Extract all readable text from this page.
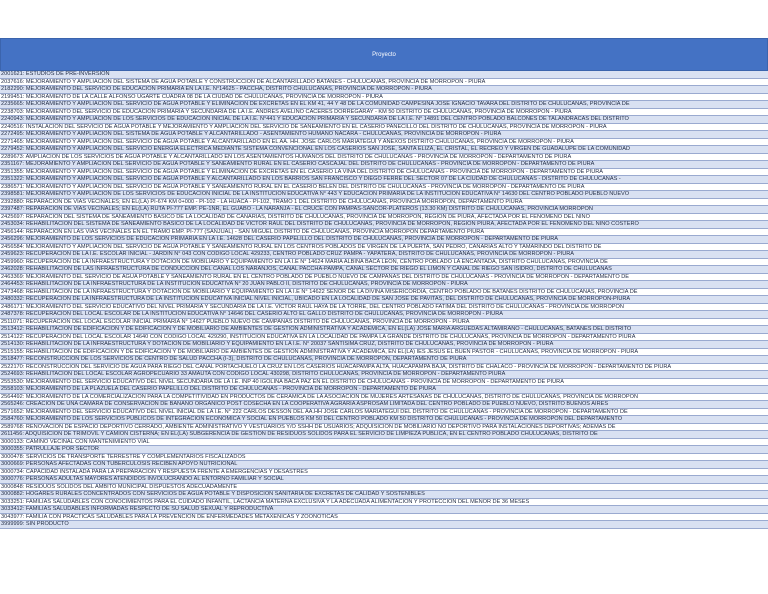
Proyecto
2001621: ESTUDIOS DE PRE-INVERSION
2037616: MEJORAMIENTO Y AMPLIACION DEL SISTEMA DE AGUA POTABLE Y CONSTRUCCION DE ALCANTARILLADO BATANES - CHULUCANAS, PROVINCIA DE MORROPON - PIURA
2182290: MEJORAMIENTO DEL SERVICIO DE EDUCACION PRIMARIA EN LA I.E. N°14625 - PACCHA, DISTRITO CHULUCANAS, PROVINCIA DE MORROPON - PIURA
2199451: MEJORAMIENTO DE LA CALLE ALFONSO UGARTE CUADRA 08 DE LA CIUDAD DE CHULUCANAS, PROVINCIA DE MORROPON - PIURA
2235665: MEJORAMIENTO Y AMPLIACION DEL SERVICIO DE AGUA POTABLE Y ELIMINACION DE EXCRETAS EN EL KM 41, 44 Y 48 DE LA COMUNIDAD CAMPESINA JOSE IGNACIO TAVARA DEL DISTRITO DE CHULUCANAS, PROVINCIA DE
2238703: MEJORAMIENTO DEL SERVICIO DE EDUCACION PRIMARIA Y SECUNDARIA DE LA I.E. ANDRES AVELINO CACERES DORREGARAY - KM 50 DISTRITO DE CHULUCANAS, PROVINCIA DE MORROPON - PIURA
2240943: MEJORAMIENTO Y AMPLIACION DE LOS SERVICIOS DE EDUCACION INICIAL DE LA I.E. N°441 Y EDUCACION PRIMARIA Y SECUNDARIA DE LA I.E. N° 14891 DEL CENTRO POBLADO BALCONES DE TALANDRACAS DEL DISTRITO
2240516: INSTALACION DEL SERVICIO DE AGUA POTABLE Y MEJORAMIENTO Y AMPLIACION DEL SERVICIO DE SANEAMIENTO EN EL CASERIO PANECILLO DEL DISTRITO DE CHULUCANAS, PROVINCIA DE MORROPON - PIURA
2272495: MEJORAMIENTO Y AMPLIACION DEL SISTEMA DE AGUA POTABLE Y ALCANTARILLADO - ASENTAMIENTO HUMANO NACARA - CHULUCANAS, PROVINCIA DE MORROPON - PIURA
2271465: MEJORAMIENTO Y AMPLIACION DEL SERVICIO DE AGUA POTABLE Y ALCANTARILLADO EN EL AA. HH. JOSE CARLOS MARIATEGUI Y ANEXOS DISTRITO CHULUCANAS, PROVINCIA DE MORROPON - PIURA
2279452: MEJORAMIENTO Y AMPLIACION DEL SERVICIO ENERGIA ELECTRICA MEDIANTE SISTEMA CONVENCIONAL EN LOS CASERIOS SAN JOSE, SANTA ELIZA, EL CRISTAL, EL RECREO Y VIRGEN DE GUADALUPE DE LA COMUNIDAD
2289673: AMPLIACION DE LOS SERVICIOS DE AGUA POTABLE Y ALCANTARILLADO EN LOS ASENTAMIENTOS HUMANOS DEL DISTRITO DE CHULUCANAS - PROVINCIA DE MORROPON - DEPARTAMENTO DE PIURA
2351167: MEJORAMIENTO Y AMPLIACION DEL SERVICIO DE AGUA POTABLE Y SANEAMIENTO RURAL EN EL CASERIO CASCAJAL DEL DISTRITO DE CHULUCANAS - PROVINCIA DE MORROPON - DEPARTAMENTO DE PIURA
2351355: MEJORAMIENTO Y AMPLIACION DEL SERVICIO DE AGUA POTABLE Y ELIMINACION DE EXCRETAS EN EL CASERIO LA VIÑA DEL DISTRITO DE CHULUCANAS - PROVINCIA DE MORROPON - DEPARTAMENTO DE PIURA
2351322: MEJORAMIENTO Y AMPLIACION DEL SERVICIO DE AGUA POTABLE Y ALCANTARILLADO EN LOS BARRIOS SAN FRANCISCO Y DIEGO FERRE DEL SECTOR 07 DE LA CIUDAD DE CHULUCANAS - DISTRITO DE CHULUCANAS -
2386571: MEJORAMIENTO Y AMPLIACION DEL SERVICIO DE AGUA POTABLE Y SANEAMIENTO RURAL EN EL CASERIO BELEN DEL DISTRITO DE CHULUCANAS - PROVINCIA DE MORROPON - DEPARTAMENTO DE PIURA
2398581: MEJORAMIENTO Y AMPLIACION DE LOS SERVICIOS DE EDUCACION INICIAL DE LA INSTITUCION EDUCATIVA N° 443 Y EDUCACION PRIMARIA DE LA INSTITUCION EDUCATIVA N° 14630 DEL CENTRO POBLADO PUEBLO NUEVO
2392880: REPARACION DE VIAS VECINALES; EN EL(LA) PI-674 KM 0+000 - PI-102 - LA HUACA - PI-102, TRAMO 1 DEL DISTRITO DE CHULUCANAS, PROVINCIA MORROPON, DEPARTAMENTO PIURA
2397487: REPARACION DE VIAS VECINALES; EN EL(LA) RUTA PI-777 EMP. PE-1NR, EL GUABO - LA NARANJA - EL CRUCE CON PAMPAS-SANCOR-PLATEROS (13.30 KM) DISTRITO DE CHULUCANAS, PROVINCIA MORROPON
2425697: REPARACION DEL SISTEMA DE SANEAMIENTO BASICO DE LA LOCALIDAD DE CAÑARIAS, DISTRITO DE CHULUCANAS, PROVINCIA DE MORROPON, REGION DE PIURA, AFECTADA POR EL FENOMENO DEL NIÑO
2453034: REHABILITACION DEL SISTEMA DE SANEAMIENTO BASICO DE LA LOCALIDAD DE VICTOR RAUL DEL DISTRITO DE CHULUCANAS, PROVINCIA DE MORROPON, REGION PIURA, AFECTADA POR EL FENOMENO DEL NIÑO COSTERO
2456144: REPARACION EN LAS VIAS VECINALES EN EL TRAMO EMP. PI-777 (SANJUAL) - SAN MIGUEL DISTRITO DE CHULUCANAS, PROVINCIA MORROPON DEPARTAMENTO PIURA
2456296: MEJORAMIENTO DE LOS SERVICIOS DE EDUCACION PRIMARIA EN LA I.E. 14628 DEL CASERIO PAPELILLO DEL DISTRITO DE CHULUCANAS, PROVINCIA DE MORROPON - DEPARTAMENTO DE PIURA
2456584: MEJORAMIENTO Y AMPLIACION DEL SERVICIO DE AGUA POTABLE Y SANEAMIENTO RURAL EN LOS CENTROS POBLADOS DE VIRGEN DE LA PUERTA, SAN PEDRO, CAÑARIAS ALTO Y TAMARINDO DEL DISTRITO DE
2459623: RECUPERACION DE LA I.E. ESCOLAR INICIAL - JARDIN N° 043 CON CODIGO LOCAL 429233, CENTRO POBLADO CRUZ PAMPA - YAPATERA, DISTRITO DE CHULUCANAS, PROVINCIA DE MORROPON - PIURA
2459960: RECUPERACION DE LA INFRAESTRUCTURA Y DOTACION DE MOBILIARIO Y EQUIPAMIENTO EN LA I.E N° 14624 MARIA ALBINA BACA LEON, CENTRO POBLADO LA ENCANTADA, DISTRITO CHULUCANAS, PROVINCIA DE
2462028: REHABILITACION DE LAS INFRAESTRUCTURA DE CONDUCCION DEL CANAL LOS NARANJOS, CANAL PACCHA-PAMPA, CANAL SECTOR DE RIEGO EL LIMON Y CANAL DE RIEGO SAN ISIDRO, DISTRITO DE CHULUCANAS
2463369: MEJORAMIENTO DEL SERVICIO DE AGUA POTABLE Y SANEAMIENTO RURAL EN EL CENTRO POBLADO DE PUEBLO NUEVO DE CAMPANAS DEL DISTRITO DE CHULUCANAS - PROVINCIA DE MORROPON - DEPARTAMENTO DE
2464453: REHABILITACION DE LA INFRAESTRUCTURA DE LA INSTITUCION EDUCATIVA N° 20 JUAN PABLO II, DISTRITO DE CHULUCANAS, PROVINCIA DE MORROPON - PIURA
2473468: REHABILITACION DE LA INFRAESTRUCTURA Y DOTACION DE MOBILIARIO Y EQUIPAMIENTO EN LA I.E N° 14622 SEÑOR DE LA DIVINA MISERICORDIA, CENTRO POBLADO DE BATANES DISTRITO DE CHULUCANAS, PROVINCIA DE
2480332: RECUPERACION DE LA INFRAESTRUCTURA DE LA INSTITUCION EDUCATIVA INICIAL NIVEL INICIAL, UBICADO EN LA LOCALIDAD DE SAN JOSE DE PAVITAS, DEL DISTRITO DE CHULUCANAS, PROVINCIA DE MORROPON-PIURA
2486171: MEJORAMIENTO DEL SERVICIO EDUCATIVO DEL NIVEL PRIMARIA Y SECUNDARIA DE LA I.E. VICTOR RAUL HAYA DE LA TORRE, DEL CENTRO POBLADO FATIMA DEL DISTRITO DE CHULUCANAS - PROVINCIA DE MORROPON
2487378: RECUPERACION DEL LOCAL ESCOLAR DE LA INSTITUCION EDUCATIVA N° 14646 DEL CASERIO ALTO EL GALLO DISTRITO DE CHULUCANAS, PROVINCIA DE MORROPON - PIURA
2511071: RECUPERACION DEL LOCAL ESCOLAR INICIAL PRIMARIA N° 14627 PUEBLO NUEVO DE CAMPANAS DISTRITO DE CHULUCANAS, PROVINCIA DE MORROPON - PIURA
2513412: REHABILITACION DE EDIFICACION Y DE EDIFICACION Y DE MOBILIARIO DE AMBIENTES DE GESTION ADMINISTRATIVA Y ACADEMICA, EN EL(LA) JOSE MARIA ARGUEDAS ALTAMIRANO - CHULUCANAS, BATANES DEL DISTRITO
2514122: RECUPERACION DEL LOCAL ESCOLAR 14640 CON CODIGO LOCAL 429290, INSTITUCION EDUCATIVA EN LA LOCALIDAD DE PAMPA LA GRANDE DISTRITO DE CHULUCANAS, PROVINCIA DE MORROPON - DEPARTAMENTO PIURA
2514130: REHABILITACION DE LA INFRAESTRUCTURA Y DOTACION DE MOBILIARIO Y EQUIPAMIENTO EN LA I.E. N° 20037 SANTISIMA CRUZ, DISTRITO DE CHULUCANAS, PROVINCIA DE MORROPON - PIURA
2515155: REHABILITACION DE EDIFICACION Y DE EDIFICACION Y DE MOBILIARIO DE AMBIENTES DE GESTION ADMINISTRATIVA Y ACADEMICA, EN EL(LA) IES JESUS EL BUEN PASTOR - CHULUCANAS, PROVINCIA DE MORROPON - PIURA
2518477: RECONSTRUCCION DE LOS SERVICIOS DE CENTRO DE SALUD PACCHA (I-3), DISTRITO DE CHULUCANAS, PROVINCIA DE MORROPON, DEPARTAMENTO DE PIURA
2522170: RECONSTRUCCION DEL SERVICIO DE AGUA PARA RIEGO DEL CANAL PORTACHUELO LA CRUZ EN LOS CASERIOS HUACAPAMPA ALTA, HUACAPAMPA BAJA, DISTRITO DE CHALACO - PROVINCIA DE MORROPON - DEPARTAMENTO DE PIURA
2524693: REHABILITACION DEL LOCAL ESCOLAR AGROPECUARIO 33 AMAUTA CON CODIGO LOCAL 430298, DISTRITO CHULUCANAS, PROVINCIA DE MORROPON - DEPARTAMENTO PIURA
2553530: MEJORAMIENTO DEL SERVICIO EDUCATIVO DEL NIVEL SECUNDARIA DE LA I.E. INP 40 IGOLINA BACA PAZ EN EL DISTRITO DE CHULUCANAS - PROVINCIA DE MORROPON - DEPARTAMENTO DE PIURA
2558103: MEJORAMIENTO DE LA PLAZUELA DEL CASERIO PAPELILLO DEL DISTRITO DE CHULUCANAS - PROVINCIA DE MORROPON - DEPARTAMENTO DE PIURA
2564492: MEJORAMIENTO DE LA COMERCIALIZACION PARA LA COMPETITIVIDAD EN PRODUCTOS DE CERAMICA DE LA ASOCIACION DE MUJERES ARTESANAS DE CHULUCANAS, DISTRITO DE CHULUCANAS, PROVINCIA DE MORROPON
2565246: CREACION DE UNA CAMARA DE CONSERVACION DE BANANO ORGANICO POST COSECHA EN LA COOPERATIVA AGRARIA ASPROSAM LIMITADA DEL CENTRO POBLADO DE PUEBLO NUEVO, DISTRITO BUENOS AIRES
2571652: MEJORAMIENTO DEL SERVICIO EDUCATIVO DEL NIVEL INICIAL DE LA I.E. N° 222 CARLOS DESSON DEL AA.HH JOSE CARLOS MARIATEGUI DEL DISTRITO DE CHULUCANAS - PROVINCIA DE MORROPON - DEPARTAMENTO DE
2584760: MEJORAMIENTO DE LOS SERVICIOS PUBLICOS DE INTEGRACION ECONOMICA Y SOCIAL EN PUEBLOS KM 50 DEL CENTRO POBLADO KM 50 DISTRITO DE CHULUCANAS - PROVINCIA DE MORROPON DEL DEPARTAMENTO
2589768: RENOVACION DE ESPACIO DEPORTIVO CERRADO, AMBIENTE ADMINISTRATIVO Y VESTUARIOS Y/O SSHH DE USUARIOS; ADQUISICION DE MOBILIARIO NO DEPORTIVO PARA INSTALACIONES DEPORTIVAS; ADEMAS DE
2611456: ADQUISICION DE TRIMOVIL Y CAMION CISTERNA; EN EL(LA) SUBGERENCIA DE GESTION DE RESIDUOS SOLIDOS PARA EL SERVICIO DE LIMPIEZA PUBLICA, EN EL CENTRO POBLADO CHULUCANAS, DISTRITO DE
3000133: CAMINO VECINAL CON MANTENIMIENTO VIAL
3000355: PATRULLAJE POR SECTOR
3000478: SERVICIOS DE TRANSPORTE TERRESTRE Y COMPLEMENTARIOS FISCALIZADOS
3000669: PERSONAS AFECTADAS CON TUBERCULOSIS RECIBEN APOYO NUTRICIONAL
3000734: CAPACIDAD INSTALADA PARA LA PREPARACION Y RESPUESTA FRENTE A EMERGENCIAS Y DESASTRES
3000776: PERSONAS ADULTAS MAYORES ATENDIDOS INVOLUCRANDO AL ENTORNO FAMILIAR Y SOCIAL
3000848: RESIDUOS SOLIDOS DEL AMBITO MUNICIPAL DISPUESTOS ADECUADAMENTE
3000882: HOGARES RURALES CONCENTRADOS CON SERVICIOS DE AGUA POTABLE Y DISPOSICION SANITARIA DE EXCRETAS DE CALIDAD Y SOSTENIBLES
3033251: FAMILIAS SALUDABLES CON CONOCIMIENTOS PARA EL CUIDADO INFANTIL, LACTANCIA MATERNA EXCLUSIVA Y LA ADECUADA ALIMENTACION Y PROTECCION DEL MENOR DE 36 MESES
3033412: FAMILIAS SALUDABLES INFORMADAS RESPECTO DE SU SALUD SEXUAL Y REPRODUCTIVA
3043977: FAMILIA CON PRACTICAS SALUDABLES PARA LA PREVENCION DE ENFERMEDADES METAXENICAS Y ZOONOTICAS
3999999: SIN PRODUCTO
